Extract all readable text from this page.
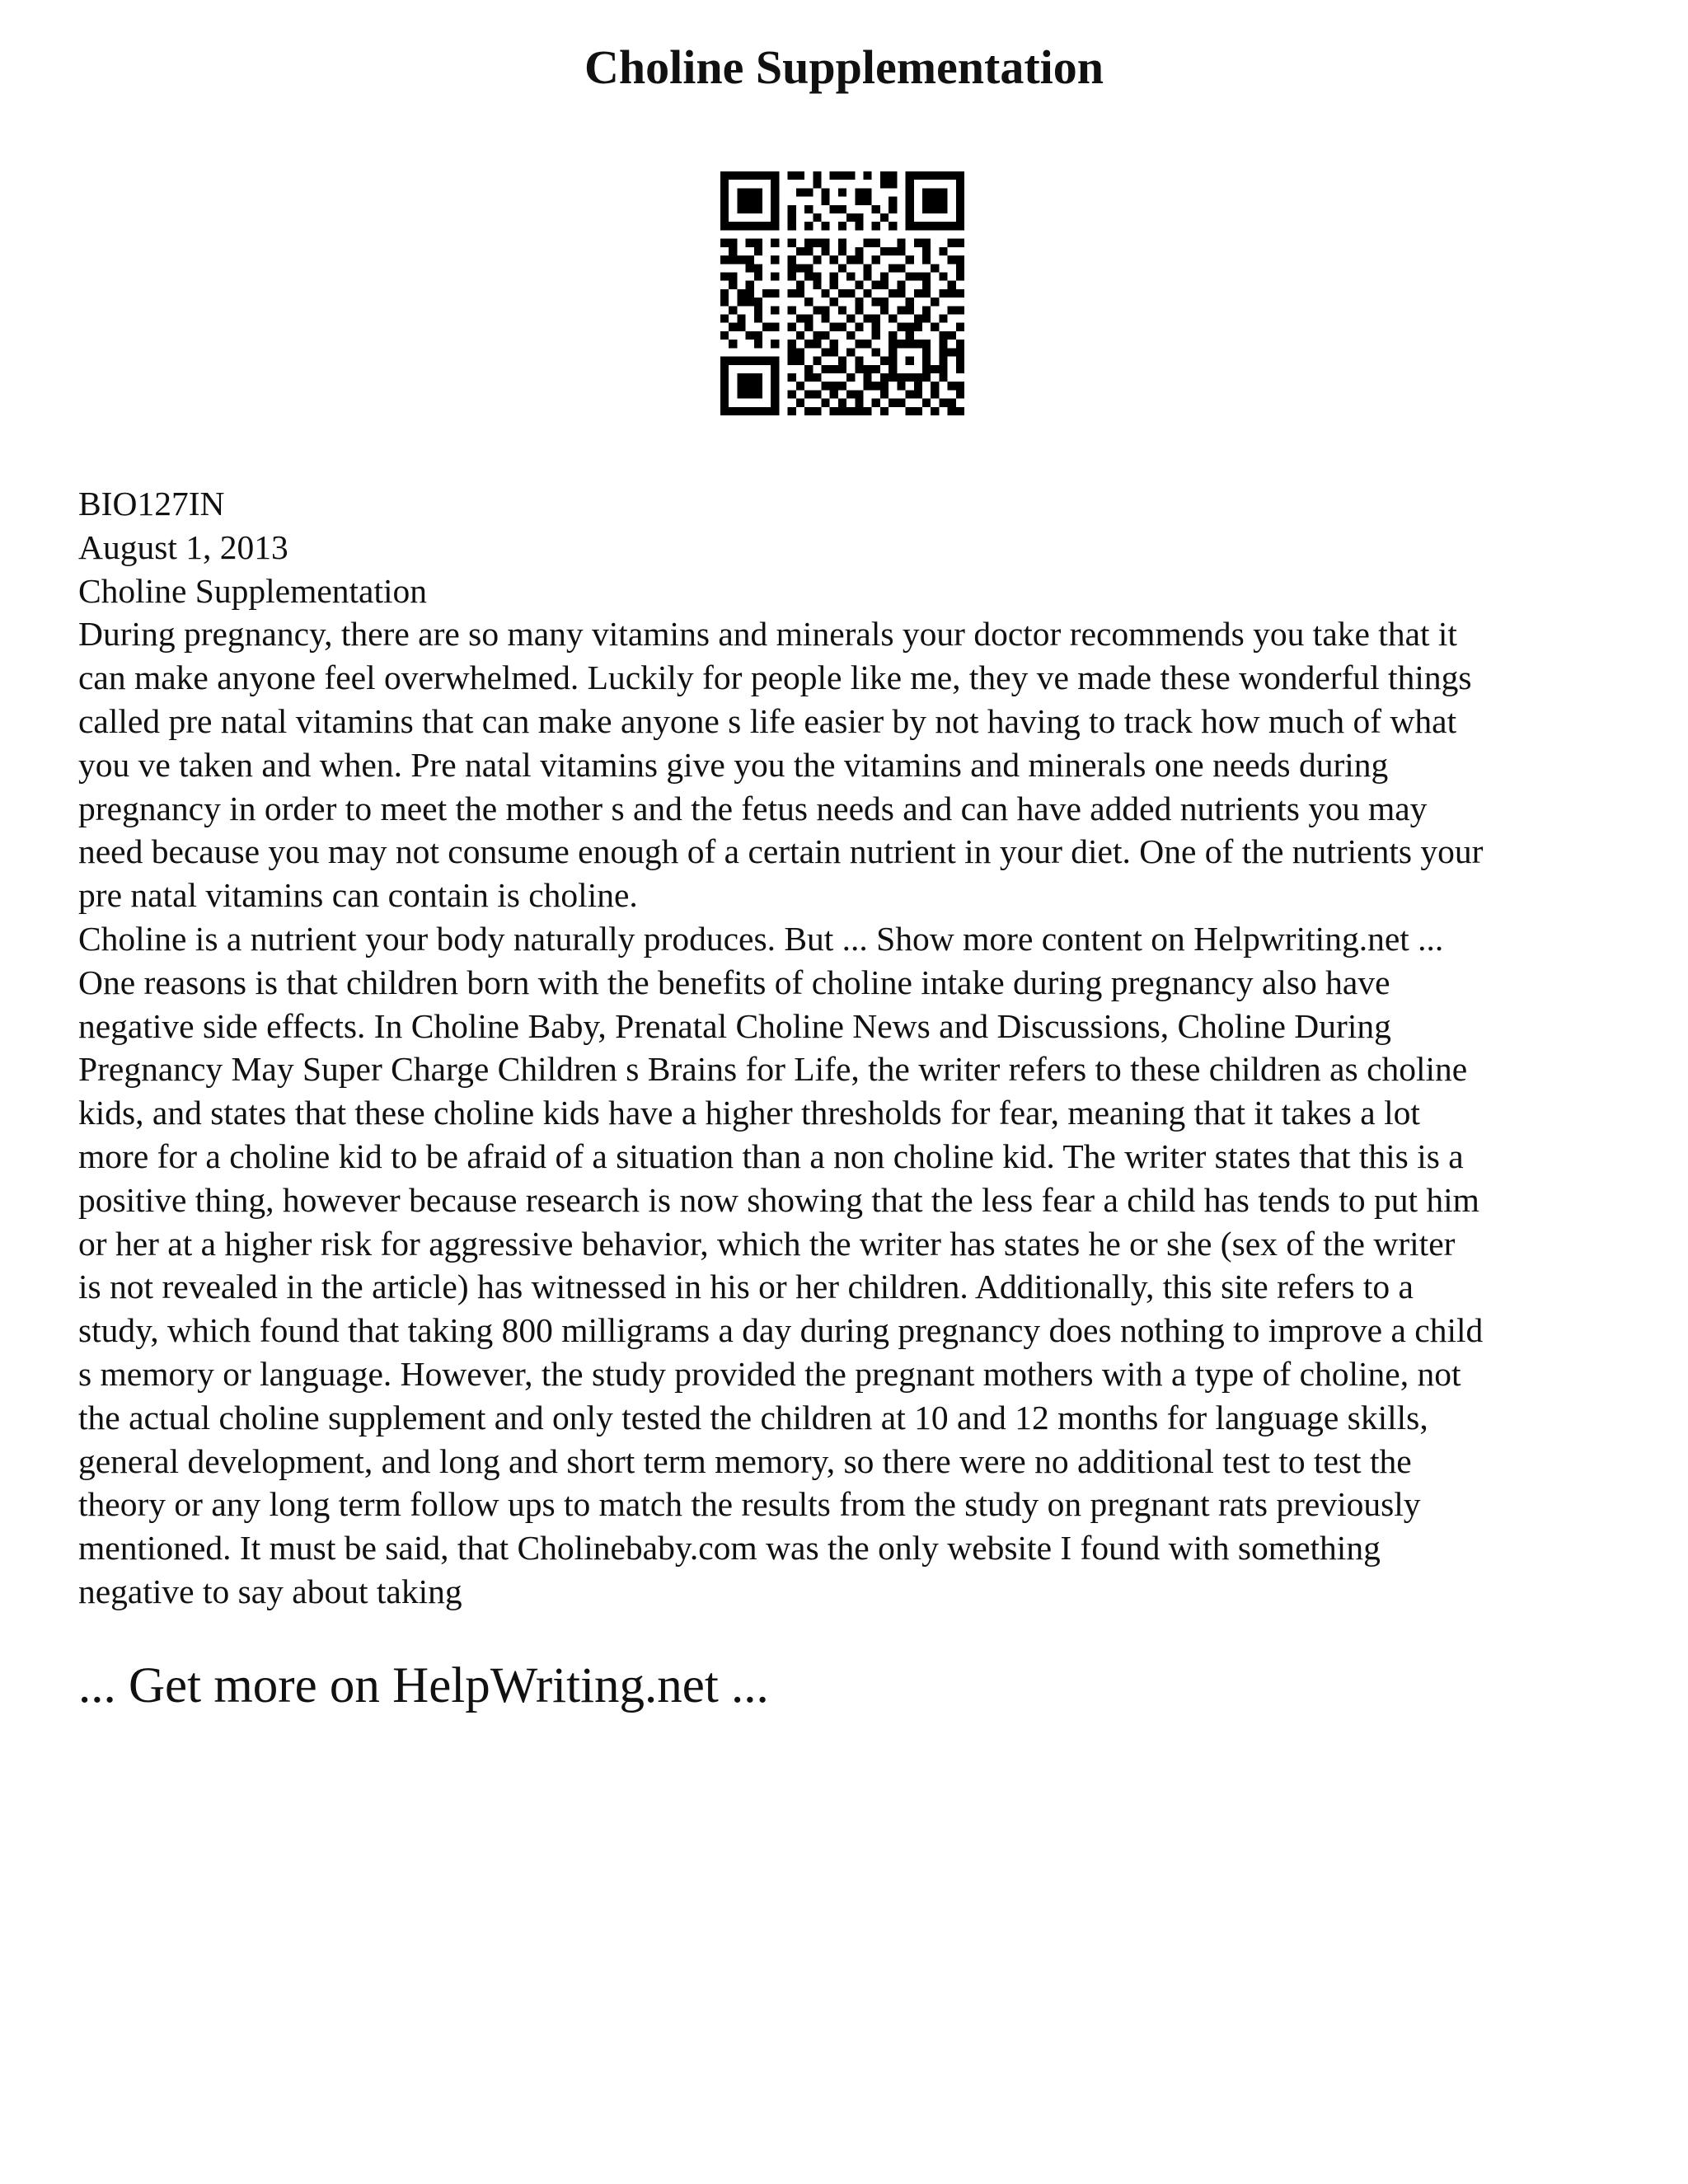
Choline Supplementation
BIO127IN
August 1, 2013
Choline Supplementation
During pregnancy, there are so many vitamins and minerals your doctor recommends you take that it
can make anyone feel overwhelmed. Luckily for people like me, they ve made these wonderful things
called pre natal vitamins that can make anyone s life easier by not having to track how much of what
you ve taken and when. Pre natal vitamins give you the vitamins and minerals one needs during
pregnancy in order to meet the mother s and the fetus needs and can have added nutrients you may
need because you may not consume enough of a certain nutrient in your diet. One of the nutrients your
pre natal vitamins can contain is choline.
Choline is a nutrient your body naturally produces. But ... Show more content on Helpwriting.net ...
One reasons is that children born with the benefits of choline intake during pregnancy also have
negative side effects. In Choline Baby, Prenatal Choline News and Discussions, Choline During
Pregnancy May Super Charge Children s Brains for Life, the writer refers to these children as choline
kids, and states that these choline kids have a higher thresholds for fear, meaning that it takes a lot
more for a choline kid to be afraid of a situation than a non choline kid. The writer states that this is a
positive thing, however because research is now showing that the less fear a child has tends to put him
or her at a higher risk for aggressive behavior, which the writer has states he or she (sex of the writer
is not revealed in the article) has witnessed in his or her children. Additionally, this site refers to a
study, which found that taking 800 milligrams a day during pregnancy does nothing to improve a child
s memory or language. However, the study provided the pregnant mothers with a type of choline, not
the actual choline supplement and only tested the children at 10 and 12 months for language skills,
general development, and long and short term memory, so there were no additional test to test the
theory or any long term follow ups to match the results from the study on pregnant rats previously
mentioned. It must be said, that Cholinebaby.com was the only website I found with something
negative to say about taking
... Get more on HelpWriting.net ...
